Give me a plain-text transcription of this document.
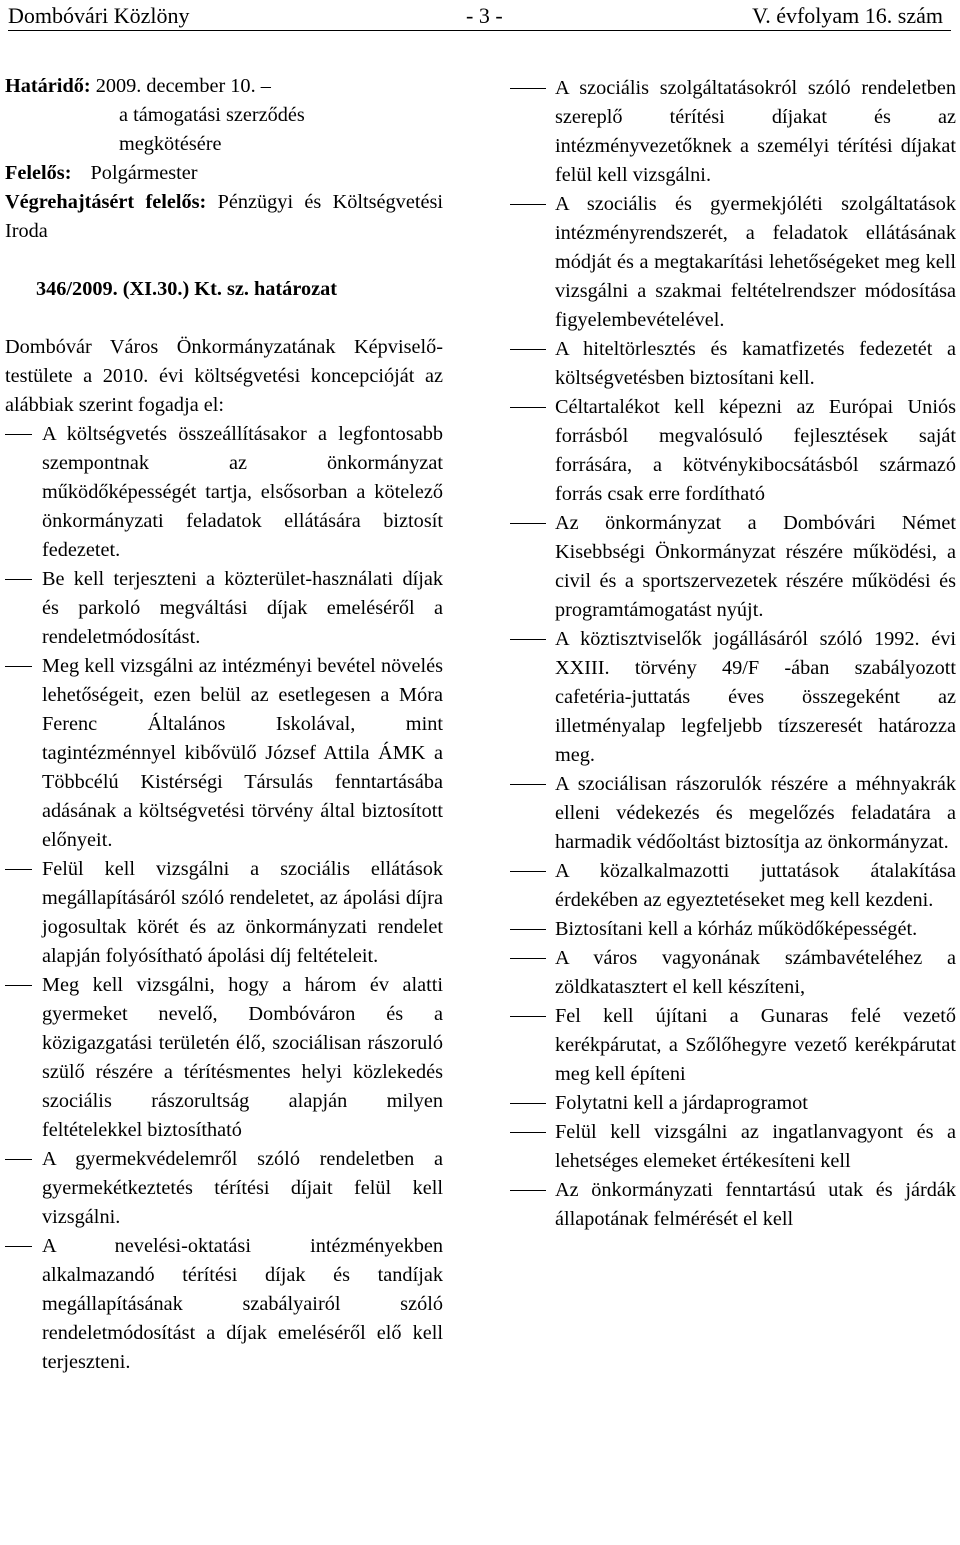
Dombóvári Közlöny	- 3 -	V. évfolyam 16. szám

Határidő: 2009. december 10. –

a támogatási szerződés

megkötésére

Felelős: Polgármester

Végrehajtásért felelős: Pénzügyi és Költségvetési Iroda

346/2009. (XI.30.) Kt. sz. határozat

Dombóvár Város Önkormányzatának Képviselő-testülete a 2010. évi költségvetési koncepcióját az alábbiak szerint fogadja el:

A költségvetés összeállításakor a legfontosabb szempontnak az önkormányzat működőképességét tartja, elsősorban a kötelező önkormányzati feladatok ellátására biztosít fedezetet.

Be kell terjeszteni a közterület-használati díjak és parkoló megváltási díjak emeléséről a rendeletmódosítást.

Meg kell vizsgálni az intézményi bevétel növelés lehetőségeit, ezen belül az esetlegesen a Móra Ferenc Általános Iskolával, mint tagintézménnyel kibővülő József Attila ÁMK a Többcélú Kistérségi Társulás fenntartásába adásának a költségvetési törvény által biztosított előnyeit.

Felül kell vizsgálni a szociális ellátások megállapításáról szóló rendeletet, az ápolási díjra jogosultak körét és az önkormányzati rendelet alapján folyósítható ápolási díj feltételeit.

Meg kell vizsgálni, hogy a három év alatti gyermeket nevelő, Dombóváron és a közigazgatási területén élő, szociálisan rászoruló szülő részére a térítésmentes helyi közlekedés szociális rászorultság alapján milyen feltételekkel biztosítható

A gyermekvédelemről szóló rendeletben a gyermekétkeztetés térítési díjait felül kell vizsgálni.

A nevelési-oktatási intézményekben alkalmazandó térítési díjak és tandíjak megállapításának szabályairól szóló rendeletmódosítást a díjak emeléséről elő kell terjeszteni.

A szociális szolgáltatásokról szóló rendeletben szereplő térítési díjakat és az intézményvezetőknek a személyi térítési díjakat felül kell vizsgálni.

A szociális és gyermekjóléti szolgáltatások intézményrendszerét, a feladatok ellátásának módját és a megtakarítási lehetőségeket meg kell vizsgálni a szakmai feltételrendszer módosítása figyelembevételével.

A hiteltörlesztés és kamatfizetés fedezetét a költségvetésben biztosítani kell.

Céltartalékot kell képezni az Európai Uniós forrásból megvalósuló fejlesztések saját forrására, a kötvénykibocsátásból származó forrás csak erre fordítható

Az önkormányzat a Dombóvári Német Kisebbségi Önkormányzat részére működési, a civil és a sportszervezetek részére működési és programtámogatást nyújt.

A köztisztviselők jogállásáról szóló 1992. évi XXIII. törvény 49/F -ában szabályozott cafetéria-juttatás éves összegeként az illetményalap legfeljebb tízszeresét határozza meg.

A szociálisan rászorulók részére a méhnyakrák elleni védekezés és megelőzés feladatára a harmadik védőoltást biztosítja az önkormányzat.

A közalkalmazotti juttatások átalakítása érdekében az egyeztetéseket meg kell kezdeni.

Biztosítani kell a kórház működőképességét.

A város vagyonának számbavételéhez a zöldkatasztert el kell készíteni,

Fel kell újítani a Gunaras felé vezető kerékpárutat, a Szőlőhegyre vezető kerékpárutat meg kell építeni

Folytatni kell a járdaprogramot

Felül kell vizsgálni az ingatlanvagyont és a lehetséges elemeket értékesíteni kell

Az önkormányzati fenntartású utak és járdák állapotának felmérését el kell
